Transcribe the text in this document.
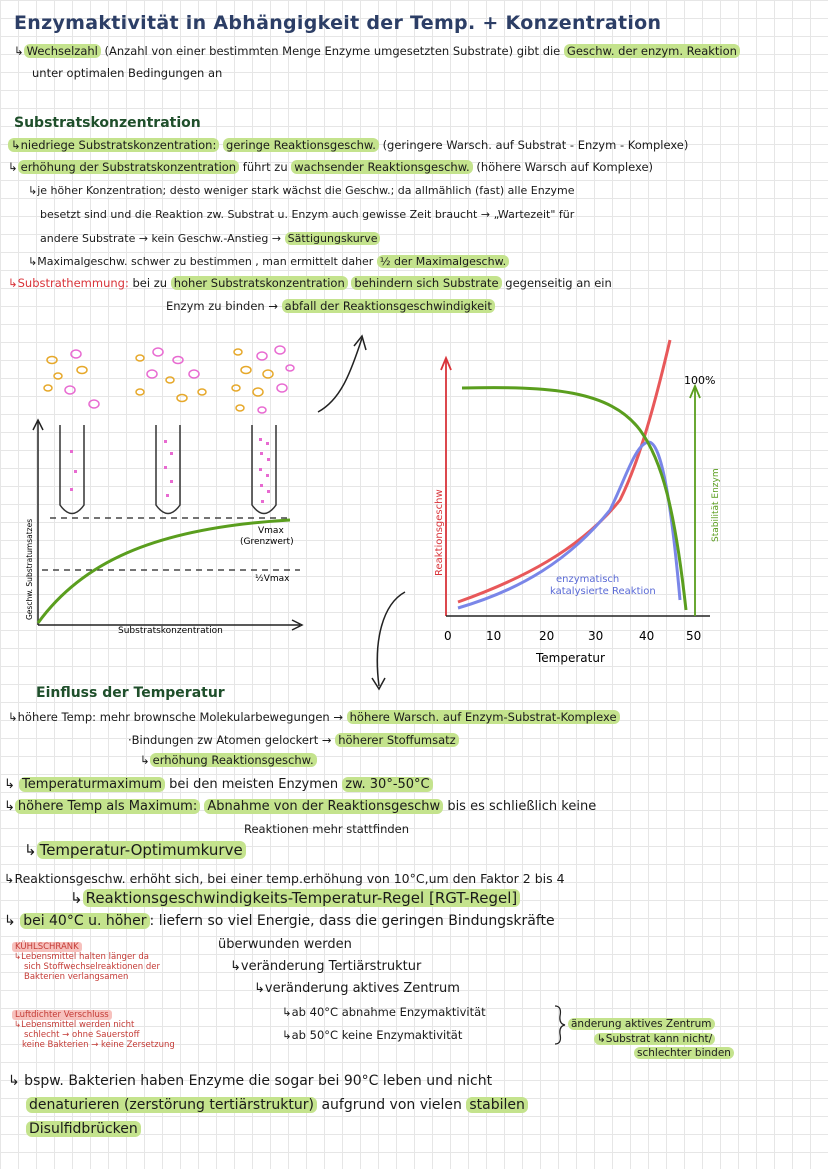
Enzymaktivität in Abhängigkeit der Temp. + Konzentration
↳ Wechselzahl (Anzahl von einer bestimmten Menge Enzyme umgesetzten Substrate) gibt die Geschw. der enzym. Reaktion
unter optimalen Bedingungen an
Substratskonzentration
↳niedriege Substratskonzentration: geringe Reaktionsgeschw. (geringere Warsch. auf Substrat - Enzym - Komplexe)
↳ erhöhung der Substratskonzentration führt zu wachsender Reaktionsgeschw. (höhere Warsch auf Komplexe)
↳je höher Konzentration; desto weniger stark wächst die Geschw.; da allmählich (fast) alle Enzyme
besetzt sind und die Reaktion zw. Substrat u. Enzym auch gewisse Zeit braucht → „Wartezeit" für
andere Substrate → kein Geschw.-Anstieg → Sättigungskurve
↳Maximalgeschw. schwer zu bestimmen , man ermittelt daher ½ der Maximalgeschw.
↳Substrathemmung: bei zu hoher Substratskonzentration behindern sich Substrate gegenseitig an ein
Enzym zu binden → abfall der Reaktionsgeschwindigkeit
Vmax
(Grenzwert)
½Vmax
Substratskonzentration
Geschw. Substratumsatzes
100%
Reaktionsgeschw	Stabilität Enzym
enzymatisch
katalysierte Reaktion
0	10	20	30	40	50
Temperatur
Einfluss der Temperatur
↳höhere Temp: mehr brownsche Molekularbewegungen → höhere Warsch. auf Enzym-Substrat-Komplexe
·Bindungen zw Atomen gelockert → höherer Stoffumsatz
↳ erhöhung Reaktionsgeschw.
↳ Temperaturmaximum bei den meisten Enzymen zw. 30°-50°C
↳ höhere Temp als Maximum: Abnahme von der Reaktionsgeschw bis es schließlich keine
Reaktionen mehr stattfinden
↳ Temperatur-Optimumkurve
↳Reaktionsgeschw. erhöht sich, bei einer temp.erhöhung von 10°C,um den Faktor 2 bis 4
↳ Reaktionsgeschwindigkeits-Temperatur-Regel [RGT-Regel]
↳ bei 40°C u. höher : liefern so viel Energie, dass die geringen Bindungskräfte
überwunden werden
↳veränderung Tertiärstruktur
↳veränderung aktives Zentrum
↳ab 40°C abnahme Enzymaktivität
↳ab 50°C keine Enzymaktivität
änderung aktives Zentrum
↳Substrat kann nicht/
schlechter binden
KÜHLSCHRANK
↳Lebensmittel halten länger da
sich Stoffwechselreaktionen der
Bakterien verlangsamen
Luftdichter Verschluss
↳Lebensmittel werden nicht
schlecht → ohne Sauerstoff
keine Bakterien → keine Zersetzung
↳ bspw. Bakterien haben Enzyme die sogar bei 90°C leben und nicht
denaturieren (zerstörung tertiärstruktur) aufgrund von vielen stabilen
Disulfidbrücken
